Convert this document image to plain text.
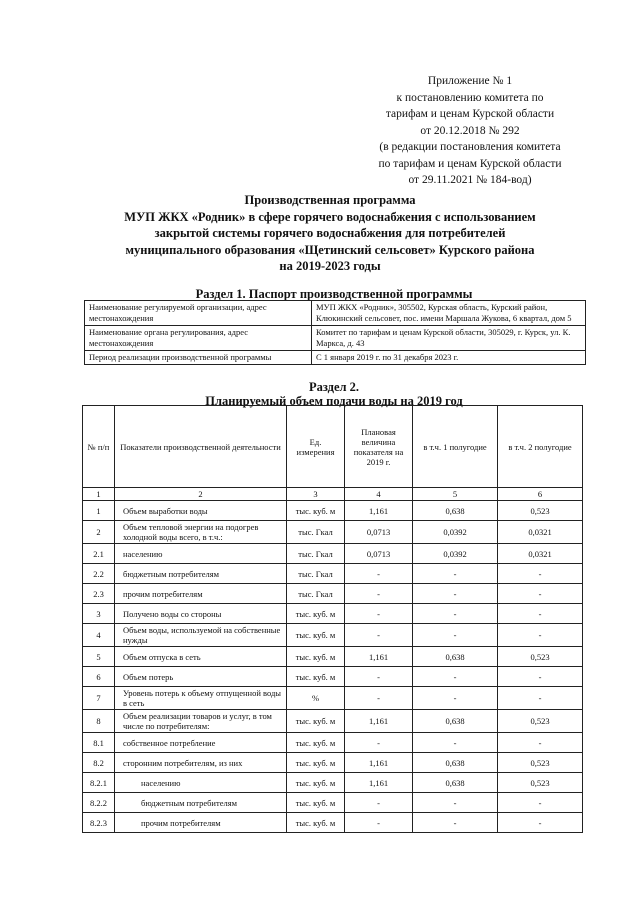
Приложение № 1
к постановлению комитета по
тарифам и ценам Курской области
от 20.12.2018 № 292
(в редакции постановления комитета
по тарифам и ценам Курской области
от 29.11.2021 № 184-вод)
Производственная программа
МУП ЖКХ «Родник» в сфере горячего водоснабжения с использованием
закрытой системы горячего водоснабжения для потребителей
муниципального образования «Щетинский сельсовет» Курского района
на 2019-2023 годы
Раздел 1. Паспорт производственной программы
Наименование регулируемой организации, адрес местонахождения	МУП ЖКХ «Родник», 305502, Курская область, Курский район, Клюкинский сельсовет, пос. имени Маршала Жукова, 6 квартал, дом 5
Наименование органа регулирования, адрес местонахождения	Комитет по тарифам и ценам Курской области, 305029, г. Курск, ул. К. Маркса, д. 43
Период реализации производственной программы	С 1 января 2019 г. по 31 декабря 2023 г.
Раздел 2.
Планируемый объем подачи воды на 2019 год
№ п/п	Показатели производственной деятельности	Ед. измерения	Плановая величина показателя на 2019 г.	в т.ч. 1 полугодие	в т.ч. 2 полугодие
1	2	3	4	5	6
1	Объем выработки воды	тыс. куб. м	1,161	0,638	0,523
2	Объем тепловой энергии на подогрев холодной воды всего, в т.ч.:	тыс. Гкал	0,0713	0,0392	0,0321
2.1	населению	тыс. Гкал	0,0713	0,0392	0,0321
2.2	бюджетным потребителям	тыс. Гкал	-	-	-
2.3	прочим потребителям	тыс. Гкал	-	-	-
3	Получено воды со стороны	тыс. куб. м	-	-	-
4	Объем воды, используемой на собственные нужды	тыс. куб. м	-	-	-
5	Объем отпуска в сеть	тыс. куб. м	1,161	0,638	0,523
6	Объем потерь	тыс. куб. м	-	-	-
7	Уровень потерь к объему отпущенной воды в сеть	%	-	-	-
8	Объем реализации товаров и услуг, в том числе по потребителям:	тыс. куб. м	1,161	0,638	0,523
8.1	собственное потребление	тыс. куб. м	-	-	-
8.2	сторонним потребителям, из них	тыс. куб. м	1,161	0,638	0,523
8.2.1	населению	тыс. куб. м	1,161	0,638	0,523
8.2.2	бюджетным потребителям	тыс. куб. м	-	-	-
8.2.3	прочим потребителям	тыс. куб. м	-	-	-
